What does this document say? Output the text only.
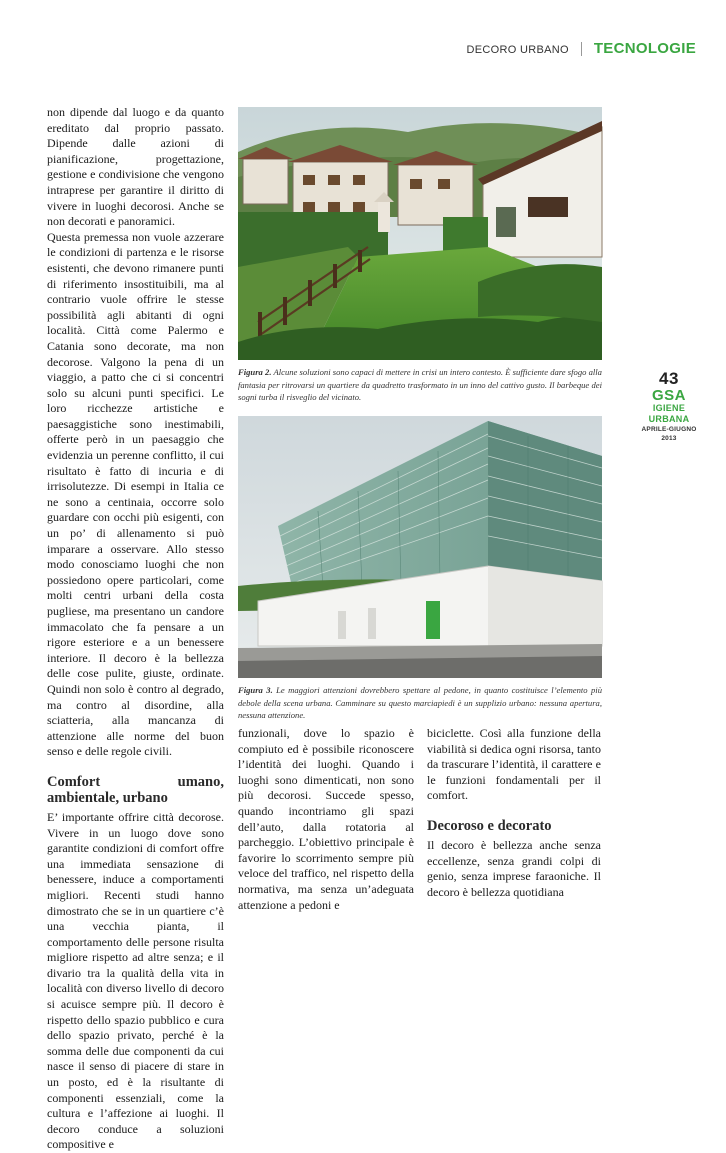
DECORO URBANO TECNOLOGIE

non dipende dal luogo e da quanto ereditato dal proprio passato. Dipende dalle azioni di pianificazione, progettazione, gestione e condivisione che vengono intraprese per garantire il diritto di vivere in luoghi decorosi. Anche se non decorati e panoramici.

Questa premessa non vuole azzerare le condizioni di partenza e le risorse esistenti, che devono rimanere punti di riferimento insostituibili, ma al contrario vuole offrire le stesse possibilità agli abitanti di ogni località. Città come Palermo e Catania sono decorate, ma non decorose. Valgono la pena di un viaggio, a patto che ci si concentri solo su alcuni punti specifici. Le loro ricchezze artistiche e paesaggistiche sono inestimabili, offerte però in un paesaggio che evidenzia un perenne conflitto, il cui risultato è fatto di incuria e di irrisolutezze. Di esempi in Italia ce ne sono a centinaia, occorre solo guardare con occhi più esigenti, con un po’ di allenamento si può imparare a osservare. Allo stesso modo conosciamo luoghi che non possiedono opere particolari, come molti centri urbani della costa pugliese, ma presentano un candore immacolato che fa pensare a un rigore esteriore e a un benessere interiore. Il decoro è la bellezza delle cose pulite, giuste, ordinate. Quindi non solo è contro al degrado, ma contro al disordine, alla sciatteria, alla mancanza di attenzione alle norme del buon senso e delle regole civili.

Comfort umano, ambientale, urbano

E’ importante offrire città decorose. Vivere in un luogo dove sono garantite condizioni di comfort offre una immediata sensazione di benessere, induce a comportamenti migliori. Recenti studi hanno dimostrato che se in un quartiere c’è una vecchia pianta, il comportamento delle persone risulta migliore rispetto ad altre senza; e il divario tra la qualità della vita in località con diverso livello di decoro si acuisce sempre più. Il decoro è rispetto dello spazio pubblico e cura dello spazio privato, perché è la somma delle due componenti da cui nasce il senso di piacere di stare in un posto, ed è la risultante di componenti essenziali, come la cultura e l’affezione ai luoghi. Il decoro conduce a soluzioni compositive e

Figura 2. Alcune soluzioni sono capaci di mettere in crisi un intero contesto. È sufficiente dare sfogo alla fantasia per ritrovarsi un quartiere da quadretto trasformato in un inno del cattivo gusto. Il barbeque dei sogni turba il risveglio del vicinato.
43
GSA
IGIENE URBANA
APRILE-GIUGNO 2013
Figura 3. Le maggiori attenzioni dovrebbero spettare al pedone, in quanto costituisce l’elemento più debole della scena urbana. Camminare su questo marciapiedi è un supplizio urbano: nessuna apertura, nessuna attenzione.

funzionali, dove lo spazio è compiuto ed è possibile riconoscere l’identità dei luoghi. Quando i luoghi sono dimenticati, non sono più decorosi. Succede spesso, quando incontriamo gli spazi dell’auto, dalla rotatoria al parcheggio. L’obiettivo principale è favorire lo scorrimento sempre più veloce del traffico, nel rispetto della normativa, ma senza un’adeguata attenzione a pedoni e

biciclette. Così alla funzione della viabilità si dedica ogni risorsa, tanto da trascurare l’identità, il carattere e le funzioni fondamentali per il comfort.

Decoroso e decorato

Il decoro è bellezza anche senza eccellenze, senza grandi colpi di genio, senza imprese faraoniche. Il decoro è bellezza quotidiana
